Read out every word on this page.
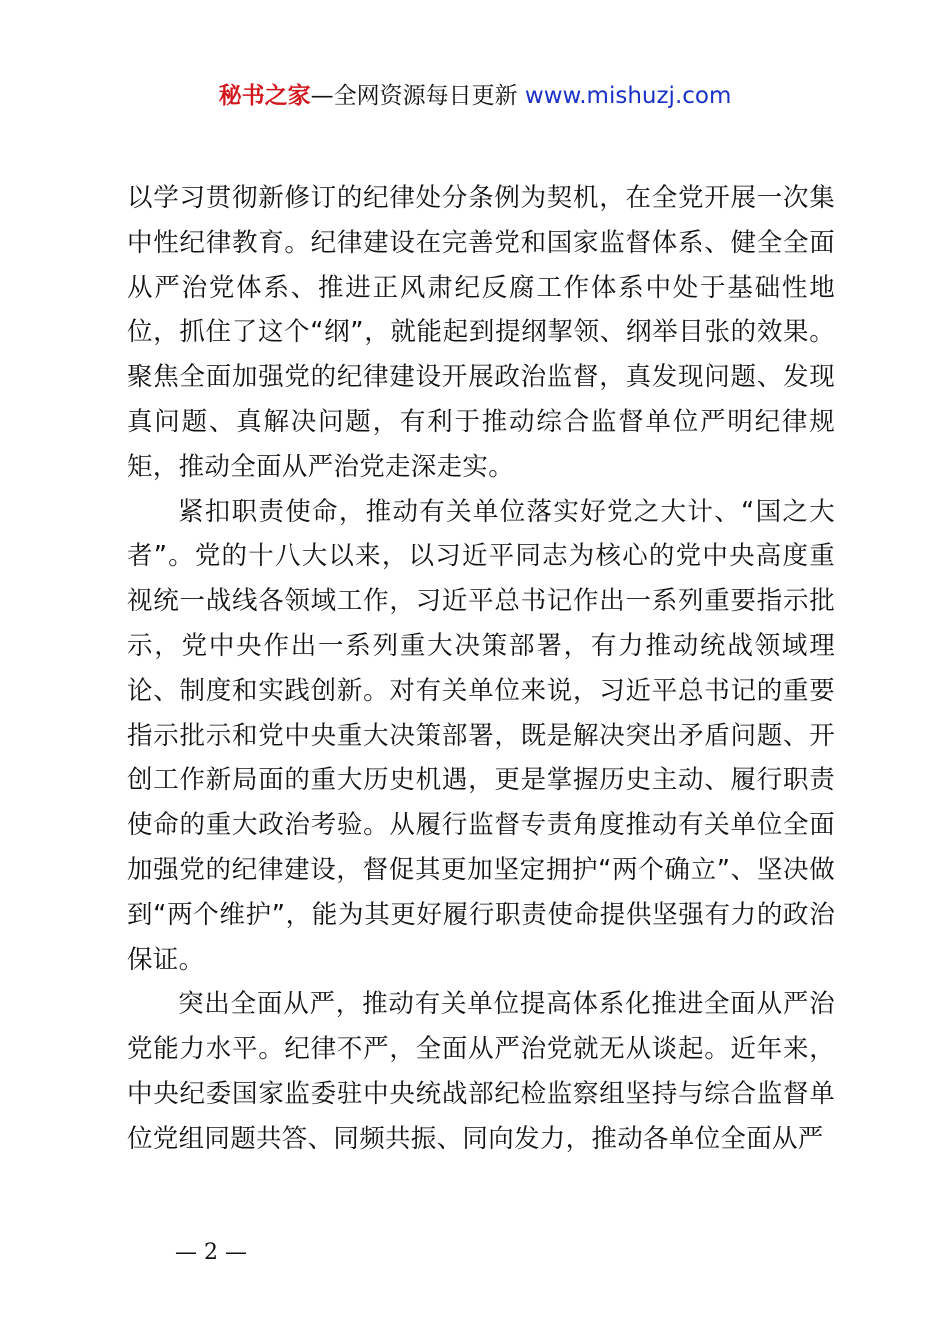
秘书之家—全网资源每日更新 www.mishuzj.com

以学习贯彻新修订的纪律处分条例为契机，在全党开展一次集中性纪律教育。纪律建设在完善党和国家监督体系、健全全面从严治党体系、推进正风肃纪反腐工作体系中处于基础性地位，抓住了这个“纲”，就能起到提纲挈领、纲举目张的效果。聚焦全面加强党的纪律建设开展政治监督，真发现问题、发现真问题、真解决问题，有利于推动综合监督单位严明纪律规矩，推动全面从严治党走深走实。

紧扣职责使命，推动有关单位落实好党之大计、“国之大者”。党的十八大以来，以习近平同志为核心的党中央高度重视统一战线各领域工作，习近平总书记作出一系列重要指示批示，党中央作出一系列重大决策部署，有力推动统战领域理论、制度和实践创新。对有关单位来说，习近平总书记的重要指示批示和党中央重大决策部署，既是解决突出矛盾问题、开创工作新局面的重大历史机遇，更是掌握历史主动、履行职责使命的重大政治考验。从履行监督专责角度推动有关单位全面加强党的纪律建设，督促其更加坚定拥护“两个确立”、坚决做到“两个维护”，能为其更好履行职责使命提供坚强有力的政治保证。

突出全面从严，推动有关单位提高体系化推进全面从严治党能力水平。纪律不严，全面从严治党就无从谈起。近年来，中央纪委国家监委驻中央统战部纪检监察组坚持与综合监督单位党组同题共答、同频共振、同向发力，推动各单位全面从严

— 2 —
